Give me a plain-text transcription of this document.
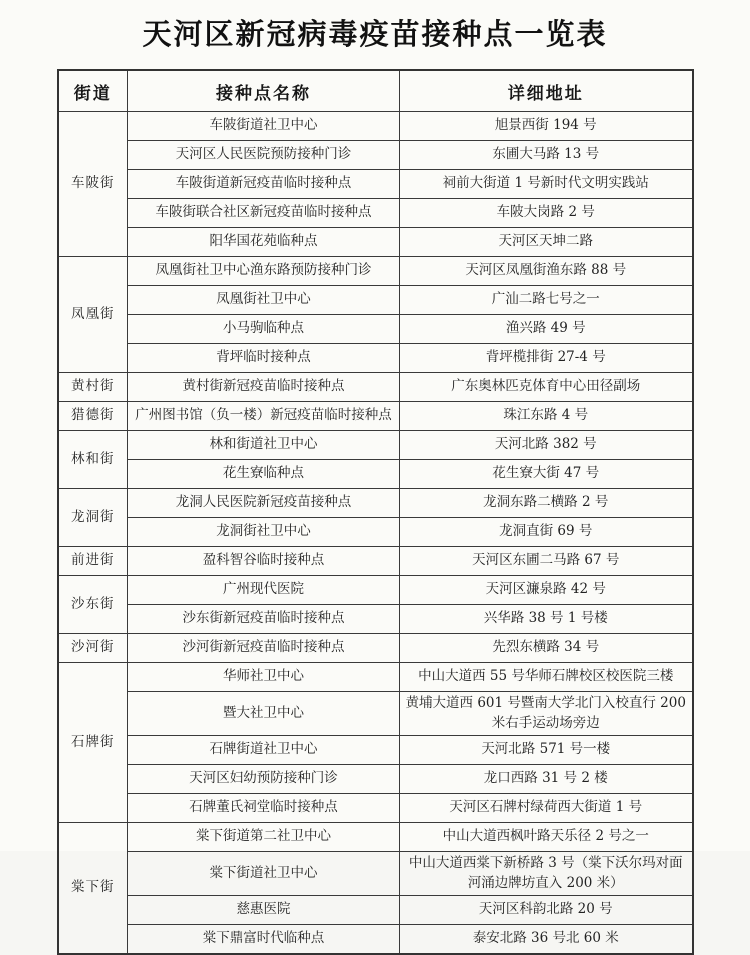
天河区新冠病毒疫苗接种点一览表
街道	接种点名称	详细地址
车陂街	车陂街道社卫中心	旭景西街 194 号
	天河区人民医院预防接种门诊	东圃大马路 13 号
	车陂街道新冠疫苗临时接种点	祠前大街道 1 号新时代文明实践站
	车陂街联合社区新冠疫苗临时接种点	车陂大岗路 2 号
	阳华国花苑临种点	天河区天坤二路
凤凰街	凤凰街社卫中心渔东路预防接种门诊	天河区凤凰街渔东路 88 号
	凤凰街社卫中心	广汕二路七号之一
	小马驹临种点	渔兴路 49 号
	背坪临时接种点	背坪榄排街 27-4 号
黄村街	黄村街新冠疫苗临时接种点	广东奥林匹克体育中心田径副场
猎德街	广州图书馆（负一楼）新冠疫苗临时接种点	珠江东路 4 号
林和街	林和街道社卫中心	天河北路 382 号
	花生寮临种点	花生寮大街 47 号
龙洞街	龙洞人民医院新冠疫苗接种点	龙洞东路二横路 2 号
	龙洞街社卫中心	龙洞直街 69 号
前进街	盈科智谷临时接种点	天河区东圃二马路 67 号
沙东街	广州现代医院	天河区濂泉路 42 号
	沙东街新冠疫苗临时接种点	兴华路 38 号 1 号楼
沙河街	沙河街新冠疫苗临时接种点	先烈东横路 34 号
石牌街	华师社卫中心	中山大道西 55 号华师石牌校区校医院三楼
	暨大社卫中心	黄埔大道西 601 号暨南大学北门入校直行 200 米右手运动场旁边
	石牌街道社卫中心	天河北路 571 号一楼
	天河区妇幼预防接种门诊	龙口西路 31 号 2 楼
	石牌董氏祠堂临时接种点	天河区石牌村绿荷西大街道 1 号
棠下街	棠下街道第二社卫中心	中山大道西枫叶路天乐径 2 号之一
	棠下街道社卫中心	中山大道西棠下新桥路 3 号（棠下沃尔玛对面河涌边牌坊直入 200 米）
	慈惠医院	天河区科韵北路 20 号
	棠下鼎富时代临种点	泰安北路 36 号北 60 米
